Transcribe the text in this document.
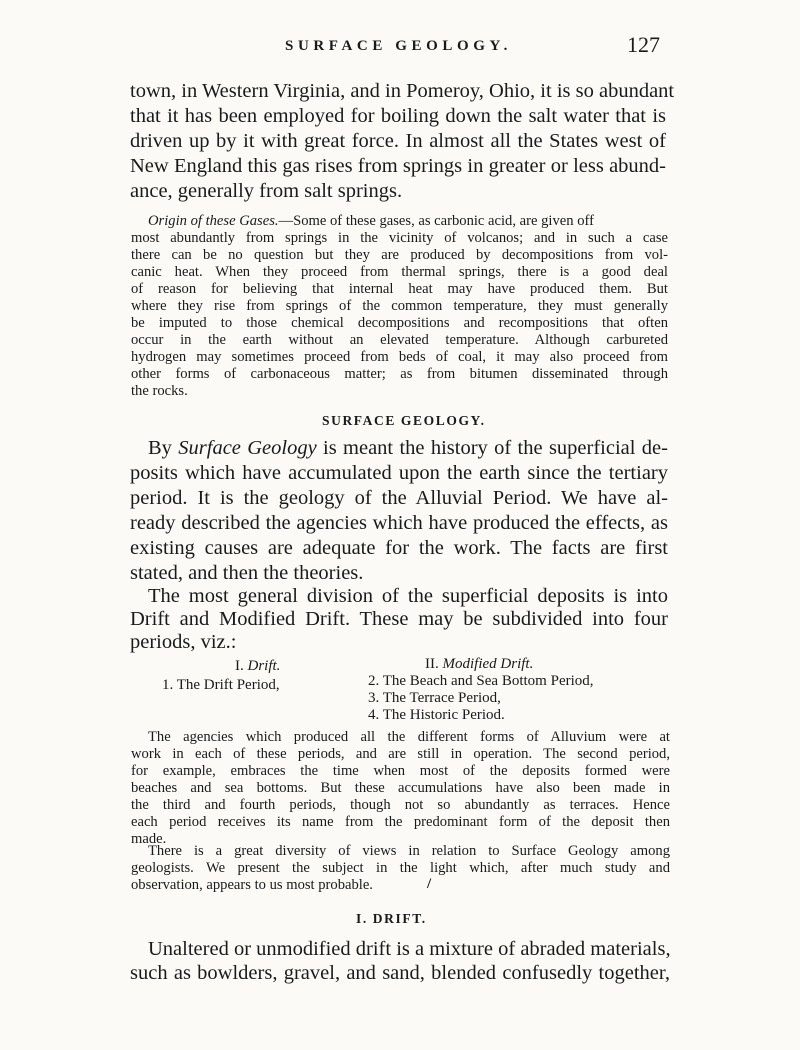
SURFACE GEOLOGY.	127
town, in Western Virginia, and in Pomeroy, Ohio, it is so abundant
that it has been employed for boiling down the salt water that is
driven up by it with great force. In almost all the States west of
New England this gas rises from springs in greater or less abund-
ance, generally from salt springs.
Origin of these Gases.—Some of these gases, as carbonic acid, are given off
most abundantly from springs in the vicinity of volcanos; and in such a case
there can be no question but they are produced by decompositions from vol-
canic heat. When they proceed from thermal springs, there is a good deal
of reason for believing that internal heat may have produced them. But
where they rise from springs of the common temperature, they must generally
be imputed to those chemical decompositions and recompositions that often
occur in the earth without an elevated temperature. Although carbureted
hydrogen may sometimes proceed from beds of coal, it may also proceed from
other forms of carbonaceous matter; as from bitumen disseminated through
the rocks.
SURFACE GEOLOGY.
By Surface Geology is meant the history of the superficial de-
posits which have accumulated upon the earth since the tertiary
period. It is the geology of the Alluvial Period. We have al-
ready described the agencies which have produced the effects, as
existing causes are adequate for the work. The facts are first
stated, and then the theories.
The most general division of the superficial deposits is into
Drift and Modified Drift. These may be subdivided into four
periods, viz.:
I. Drift.	II. Modified Drift.
1. The Drift Period,	2. The Beach and Sea Bottom Period,
3. The Terrace Period,
4. The Historic Period.
The agencies which produced all the different forms of Alluvium were at
work in each of these periods, and are still in operation. The second period,
for example, embraces the time when most of the deposits formed were
beaches and sea bottoms. But these accumulations have also been made in
the third and fourth periods, though not so abundantly as terraces. Hence
each period receives its name from the predominant form of the deposit then
made.
There is a great diversity of views in relation to Surface Geology among
geologists. We present the subject in the light which, after much study and
observation, appears to us most probable.	/
I. DRIFT.
Unaltered or unmodified drift is a mixture of abraded materials,
such as bowlders, gravel, and sand, blended confusedly together,
